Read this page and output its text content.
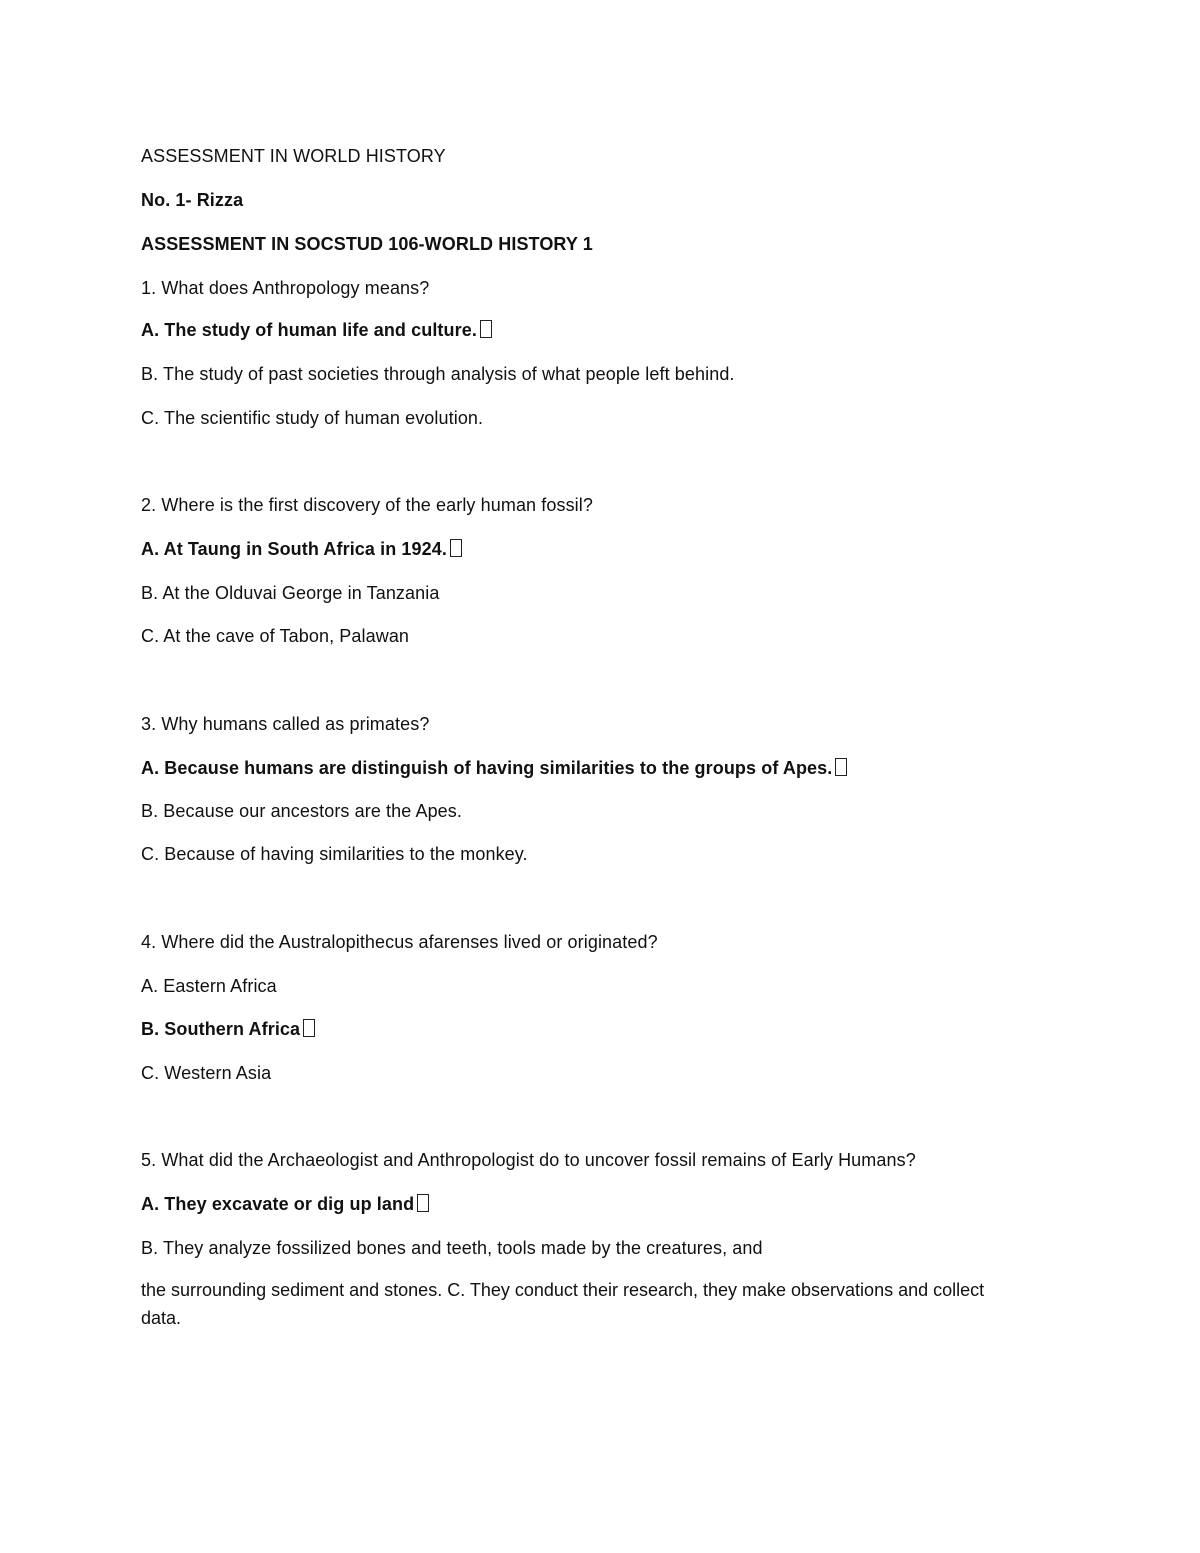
ASSESSMENT IN WORLD HISTORY
No. 1- Rizza
ASSESSMENT IN SOCSTUD 106-WORLD HISTORY 1
1. What does Anthropology means?
A. The study of human life and culture.
B. The study of past societies through analysis of what people left behind.
C. The scientific study of human evolution.
2. Where is the first discovery of the early human fossil?
A. At Taung in South Africa in 1924.
B. At the Olduvai George in Tanzania
C. At the cave of Tabon, Palawan
3. Why humans called as primates?
A. Because humans are distinguish of having similarities to the groups of Apes.
B. Because our ancestors are the Apes.
C. Because of having similarities to the monkey.
4. Where did the Australopithecus afarenses lived or originated?
A. Eastern Africa
B. Southern Africa
C. Western Asia
5. What did the Archaeologist and Anthropologist do to uncover fossil remains of Early Humans?
A. They excavate or dig up land
B. They analyze fossilized bones and teeth, tools made by the creatures, and
the surrounding sediment and stones. C. They conduct their research, they make observations and collect data.
